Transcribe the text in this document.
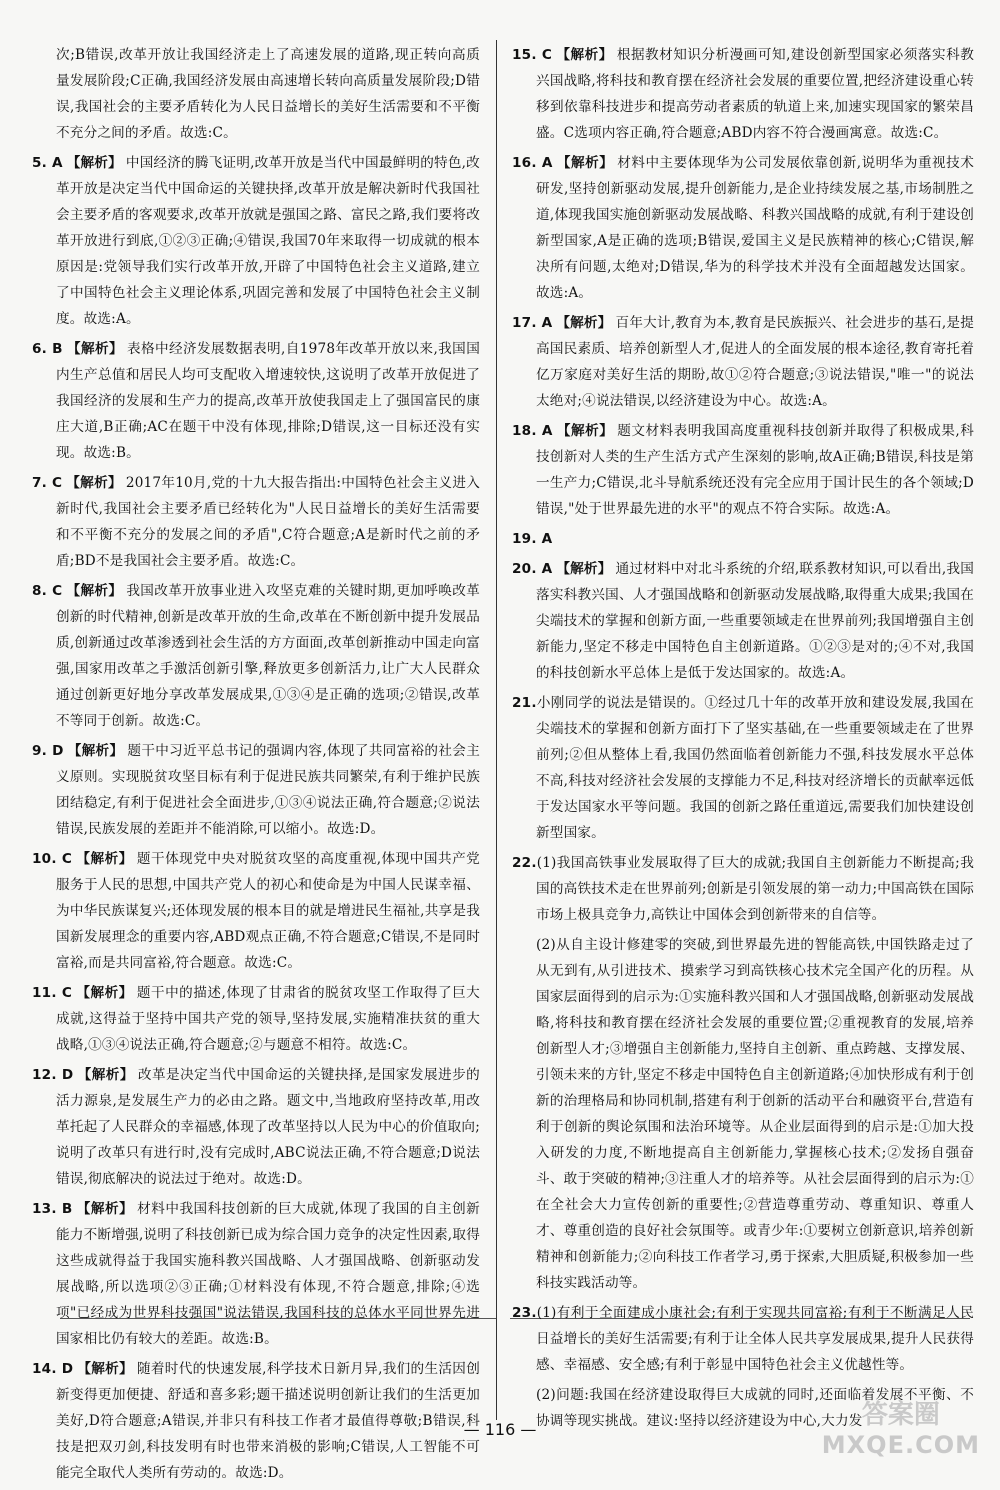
次;B错误,改革开放让我国经济走上了高速发展的道路,现正转向高质量发展阶段;C正确,我国经济发展由高速增长转向高质量发展阶段;D错误,我国社会的主要矛盾转化为人民日益增长的美好生活需要和不平衡不充分之间的矛盾。故选:C。

5. A 【解析】 中国经济的腾飞证明,改革开放是当代中国最鲜明的特色,改革开放是决定当代中国命运的关键抉择,改革开放是解决新时代我国社会主要矛盾的客观要求,改革开放就是强国之路、富民之路,我们要将改革开放进行到底,①②③正确;④错误,我国70年来取得一切成就的根本原因是:党领导我们实行改革开放,开辟了中国特色社会主义道路,建立了中国特色社会主义理论体系,巩固完善和发展了中国特色社会主义制度。故选:A。

6. B 【解析】 表格中经济发展数据表明,自1978年改革开放以来,我国国内生产总值和居民人均可支配收入增速较快,这说明了改革开放促进了我国经济的发展和生产力的提高,改革开放使我国走上了强国富民的康庄大道,B正确;AC在题干中没有体现,排除;D错误,这一目标还没有实现。故选:B。

7. C 【解析】 2017年10月,党的十九大报告指出:中国特色社会主义进入新时代,我国社会主要矛盾已经转化为"人民日益增长的美好生活需要和不平衡不充分的发展之间的矛盾",C符合题意;A是新时代之前的矛盾;BD不是我国社会主要矛盾。故选:C。

8. C 【解析】 我国改革开放事业进入攻坚克难的关键时期,更加呼唤改革创新的时代精神,创新是改革开放的生命,改革在不断创新中提升发展品质,创新通过改革渗透到社会生活的方方面面,改革创新推动中国走向富强,国家用改革之手激活创新引擎,释放更多创新活力,让广大人民群众通过创新更好地分享改革发展成果,①③④是正确的选项;②错误,改革不等同于创新。故选:C。

9. D 【解析】 题干中习近平总书记的强调内容,体现了共同富裕的社会主义原则。实现脱贫攻坚目标有利于促进民族共同繁荣,有利于维护民族团结稳定,有利于促进社会全面进步,①③④说法正确,符合题意;②说法错误,民族发展的差距并不能消除,可以缩小。故选:D。

10. C 【解析】 题干体现党中央对脱贫攻坚的高度重视,体现中国共产党服务于人民的思想,中国共产党人的初心和使命是为中国人民谋幸福、为中华民族谋复兴;还体现发展的根本目的就是增进民生福祉,共享是我国新发展理念的重要内容,ABD观点正确,不符合题意;C错误,不是同时富裕,而是共同富裕,符合题意。故选:C。

11. C 【解析】 题干中的描述,体现了甘肃省的脱贫攻坚工作取得了巨大成就,这得益于坚持中国共产党的领导,坚持发展,实施精准扶贫的重大战略,①③④说法正确,符合题意;②与题意不相符。故选:C。

12. D 【解析】 改革是决定当代中国命运的关键抉择,是国家发展进步的活力源泉,是发展生产力的必由之路。题文中,当地政府坚持改革,用改革托起了人民群众的幸福感,体现了改革坚持以人民为中心的价值取向;说明了改革只有进行时,没有完成时,ABC说法正确,不符合题意;D说法错误,彻底解决的说法过于绝对。故选:D。

13. B 【解析】 材料中我国科技创新的巨大成就,体现了我国的自主创新能力不断增强,说明了科技创新已成为综合国力竞争的决定性因素,取得这些成就得益于我国实施科教兴国战略、人才强国战略、创新驱动发展战略,所以选项②③正确;①材料没有体现,不符合题意,排除;④选项"已经成为世界科技强国"说法错误,我国科技的总体水平同世界先进国家相比仍有较大的差距。故选:B。

14. D 【解析】 随着时代的快速发展,科学技术日新月异,我们的生活因创新变得更加便捷、舒适和喜多彩;题干描述说明创新让我们的生活更加美好,D符合题意;A错误,并非只有科技工作者才最值得尊敬;B错误,科技是把双刃剑,科技发明有时也带来消极的影响;C错误,人工智能不可能完全取代人类所有劳动的。故选:D。

15. C 【解析】 根据教材知识分析漫画可知,建设创新型国家必须落实科教兴国战略,将科技和教育摆在经济社会发展的重要位置,把经济建设重心转移到依靠科技进步和提高劳动者素质的轨道上来,加速实现国家的繁荣昌盛。C选项内容正确,符合题意;ABD内容不符合漫画寓意。故选:C。

16. A 【解析】 材料中主要体现华为公司发展依靠创新,说明华为重视技术研发,坚持创新驱动发展,提升创新能力,是企业持续发展之基,市场制胜之道,体现我国实施创新驱动发展战略、科教兴国战略的成就,有利于建设创新型国家,A是正确的选项;B错误,爱国主义是民族精神的核心;C错误,解决所有问题,太绝对;D错误,华为的科学技术并没有全面超越发达国家。故选:A。

17. A 【解析】 百年大计,教育为本,教育是民族振兴、社会进步的基石,是提高国民素质、培养创新型人才,促进人的全面发展的根本途径,教育寄托着亿万家庭对美好生活的期盼,故①②符合题意;③说法错误,"唯一"的说法太绝对;④说法错误,以经济建设为中心。故选:A。

18. A 【解析】 题文材料表明我国高度重视科技创新并取得了积极成果,科技创新对人类的生产生活方式产生深刻的影响,故A正确;B错误,科技是第一生产力;C错误,北斗导航系统还没有完全应用于国计民生的各个领域;D错误,"处于世界最先进的水平"的观点不符合实际。故选:A。

19. A

20. A 【解析】 通过材料中对北斗系统的介绍,联系教材知识,可以看出,我国落实科教兴国、人才强国战略和创新驱动发展战略,取得重大成果;我国在尖端技术的掌握和创新方面,一些重要领域走在世界前列;我国增强自主创新能力,坚定不移走中国特色自主创新道路。①②③是对的;④不对,我国的科技创新水平总体上是低于发达国家的。故选:A。

21.小刚同学的说法是错误的。①经过几十年的改革开放和建设发展,我国在尖端技术的掌握和创新方面打下了坚实基础,在一些重要领域走在了世界前列;②但从整体上看,我国仍然面临着创新能力不强,科技发展水平总体不高,科技对经济社会发展的支撑能力不足,科技对经济增长的贡献率远低于发达国家水平等问题。我国的创新之路任重道远,需要我们加快建设创新型国家。

22.(1)我国高铁事业发展取得了巨大的成就;我国自主创新能力不断提高;我国的高铁技术走在世界前列;创新是引领发展的第一动力;中国高铁在国际市场上极具竞争力,高铁让中国体会到创新带来的自信等。

(2)从自主设计修建零的突破,到世界最先进的智能高铁,中国铁路走过了从无到有,从引进技术、摸索学习到高铁核心技术完全国产化的历程。从国家层面得到的启示为:①实施科教兴国和人才强国战略,创新驱动发展战略,将科技和教育摆在经济社会发展的重要位置;②重视教育的发展,培养创新型人才;③增强自主创新能力,坚持自主创新、重点跨越、支撑发展、引领未来的方针,坚定不移走中国特色自主创新道路;④加快形成有利于创新的治理格局和协同机制,搭建有利于创新的活动平台和融资平台,营造有利于创新的舆论氛围和法治环境等。从企业层面得到的启示是:①加大投入研发的力度,不断地提高自主创新能力,掌握核心技术;②发扬自强奋斗、敢于突破的精神;③注重人才的培养等。从社会层面得到的启示为:①在全社会大力宣传创新的重要性;②营造尊重劳动、尊重知识、尊重人才、尊重创造的良好社会氛围等。或青少年:①要树立创新意识,培养创新精神和创新能力;②向科技工作者学习,勇于探索,大胆质疑,积极参加一些科技实践活动等。

23.(1)有利于全面建成小康社会;有利于实现共同富裕;有利于不断满足人民日益增长的美好生活需要;有利于让全体人民共享发展成果,提升人民获得感、幸福感、安全感;有利于彰显中国特色社会主义优越性等。

(2)问题:我国在经济建设取得巨大成就的同时,还面临着发展不平衡、不协调等现实挑战。建议:坚持以经济建设为中心,大力发

— 116 —	答案圈
MXQE.COM
